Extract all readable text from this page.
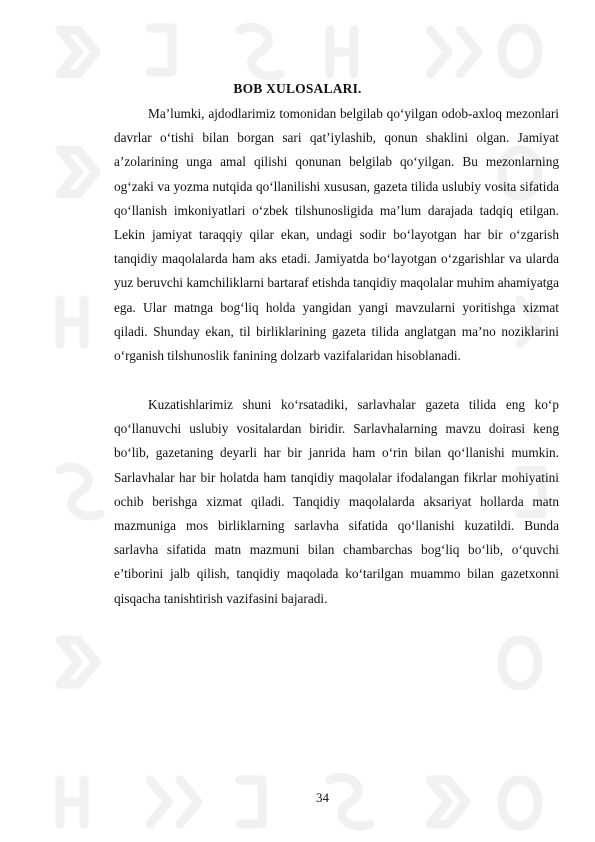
BOB XULOSALARI.

Ma’lumki, ajdodlarimiz tomonidan belgilab qo‘yilgan odob-axloq mezonlari davrlar o‘tishi bilan borgan sari qat’iylashib, qonun shaklini olgan. Jamiyat a’zolarining unga amal qilishi qonunan belgilab qo‘yilgan. Bu mezonlarning og‘zaki va yozma nutqida qo‘llanilishi xususan, gazeta tilida uslubiy vosita sifatida qo‘llanish imkoniyatlari o‘zbek tilshunosligida ma’lum darajada tadqiq etilgan. Lekin jamiyat taraqqiy qilar ekan, undagi sodir bo‘layotgan har bir o‘zgarish tanqidiy maqolalarda ham aks etadi. Jamiyatda bo‘layotgan o‘zgarishlar va ularda yuz beruvchi kamchiliklarni bartaraf etishda tanqidiy maqolalar muhim ahamiyatga ega. Ular matnga bog‘liq holda yangidan yangi mavzularni yoritishga xizmat qiladi. Shunday ekan, til birliklarining gazeta tilida anglatgan ma’no noziklarini o‘rganish tilshunoslik fanining dolzarb vazifalaridan hisoblanadi.

Kuzatishlarimiz shuni ko‘rsatadiki, sarlavhalar gazeta tilida eng ko‘p qo‘llanuvchi uslubiy vositalardan biridir. Sarlavhalarning mavzu doirasi keng bo‘lib, gazetaning deyarli har bir janrida ham o‘rin bilan qo‘llanishi mumkin. Sarlavhalar har bir holatda ham tanqidiy maqolalar ifodalangan fikrlar mohiyatini ochib berishga xizmat qiladi. Tanqidiy maqolalarda aksariyat hollarda matn mazmuniga mos birliklarning sarlavha sifatida qo‘llanishi kuzatildi. Bunda sarlavha sifatida matn mazmuni bilan chambarchas bog‘liq bo‘lib, o‘quvchi e’tiborini jalb qilish, tanqidiy maqolada ko‘tarilgan muammo bilan gazetxonni qisqacha tanishtirish vazifasini bajaradi.

34
